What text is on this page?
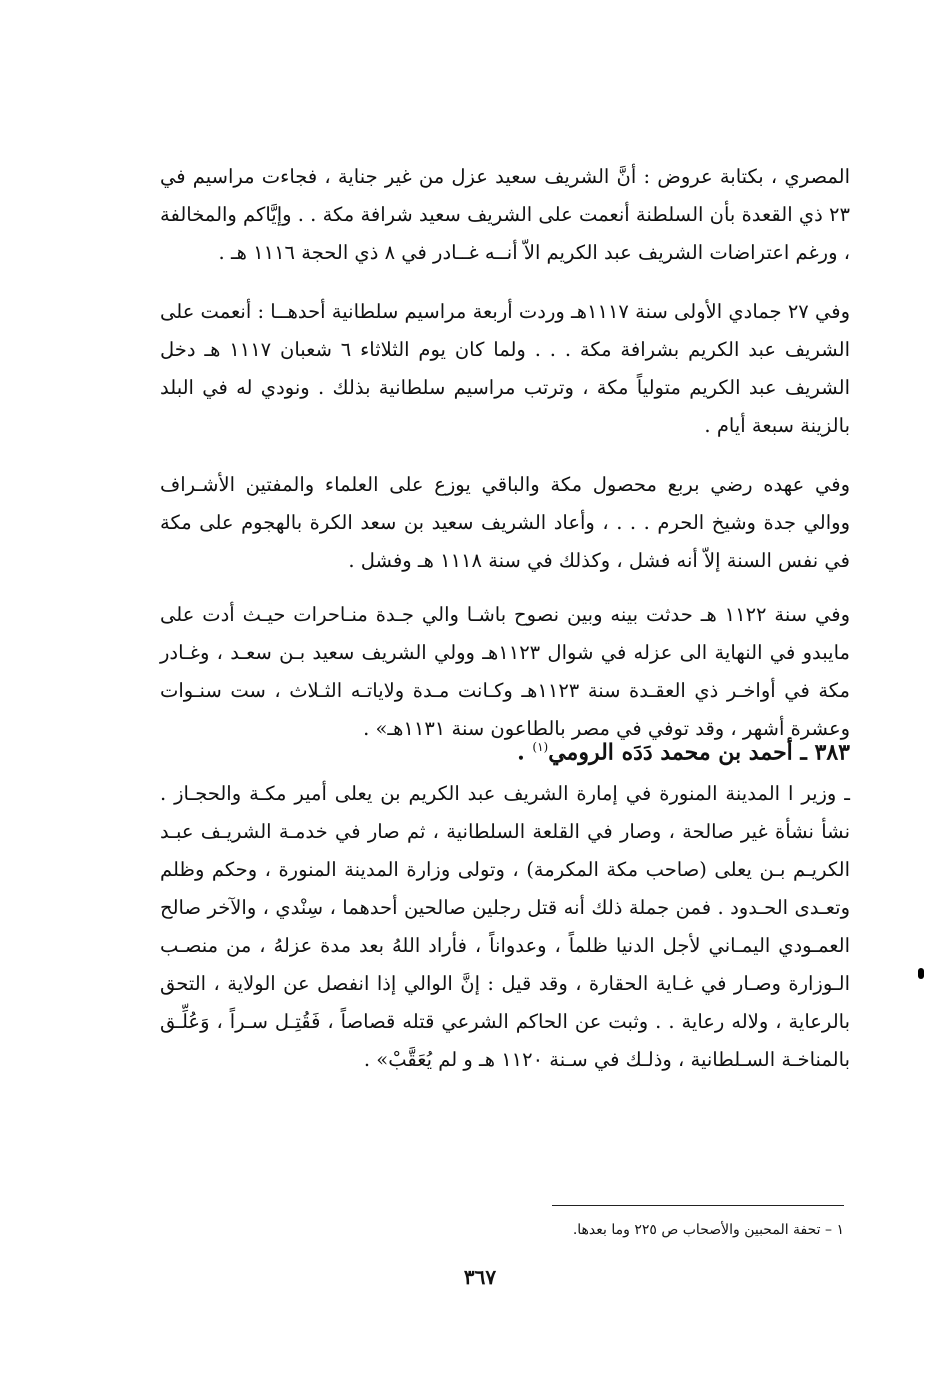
المصري ، بكتابة عروض : أنَّ الشريف سعيد عزل من غير جناية ، فجاءت مراسيم في ٢٣ ذي القعدة بأن السلطنة أنعمت على الشريف سعيد شرافة مكة . . وإيَّاكم والمخالفة ، ورغم اعتراضات الشريف عبد الكريم الاّ أنــه غــادر في ٨ ذي الحجة ١١١٦ هـ .

وفي ٢٧ جمادي الأولى سنة ١١١٧هـ وردت أربعة مراسيم سلطانية أحدهــا : أنعمت على الشريف عبد الكريم بشرافة مكة . . . ولما كان يوم الثلاثاء ٦ شعبان ١١١٧ هـ دخل الشريف عبد الكريم متولياً مكة ، وترتب مراسيم سلطانية بذلك . ونودي له في البلد بالزينة سبعة أيام .

وفي عهده رضي بربع محصول مكة والباقي يوزع على العلماء والمفتين الأشـراف ووالي جدة وشيخ الحرم . . . ، وأعاد الشريف سعيد بن سعد الكرة بالهجوم على مكة في نفس السنة إلاّ أنه فشل ، وكذلك في سنة ١١١٨ هـ وفشل .

وفي سنة ١١٢٢ هـ حدثت بينه وبين نصوح باشـا والي جـدة منـاحرات حيـث أدت على مايبدو في النهاية الى عزله في شوال ١١٢٣هـ وولي الشريف سعيد بـن سعـد ، وغـادر مكة في أواخـر ذي العقـدة سنة ١١٢٣هـ وكـانت مـدة ولاياتـه الثـلاث ، ست سنـوات وعشرة أشهر ، وقد توفي في مصر بالطاعون سنة ١١٣١هـ» .

٣٨٣ ـ أحمد بن محمد دَدَه الرومي$^{(١)}$ .

ـ وزير ا المدينة المنورة في إمارة الشريف عبد الكريم بن يعلى أمير مكـة والحجـاز . نشأ نشأة غير صالحة ، وصار في القلعة السلطانية ، ثم صار في خدمـة الشريـف عبـد الكريـم بـن يعلى (صاحب مكة المكرمة) ، وتولى وزارة المدينة المنورة ، وحكم وظلم وتعـدى الحـدود . فمن جملة ذلك أنه قتل رجلين صالحين أحدهما ، سِنْدي ، والآخر صالح العمـودي اليمـاني لأجل الدنيا ظلماً ، وعدواناً ، فأراد اللهُ بعد مدة عزلهُ ، من منصـب الـوزارة وصـار في غـاية الحقارة ، وقد قيل : إنَّ الوالي إذا انفصل عن الولاية ، التحق بالرعاية ، ولاله رعاية . . وثبت عن الحاكم الشرعي قتله قصاصاً ، فَقُتِـل سـراً ، وَعُلِّـق بالمناخـة السـلطانية ، وذلـك في سـنة ١١٢٠ هـ و لم يُعَقَّبْ» .

١ – تحفة المحبين والأصحاب ص ٢٢٥ وما بعدها.

٣٦٧
